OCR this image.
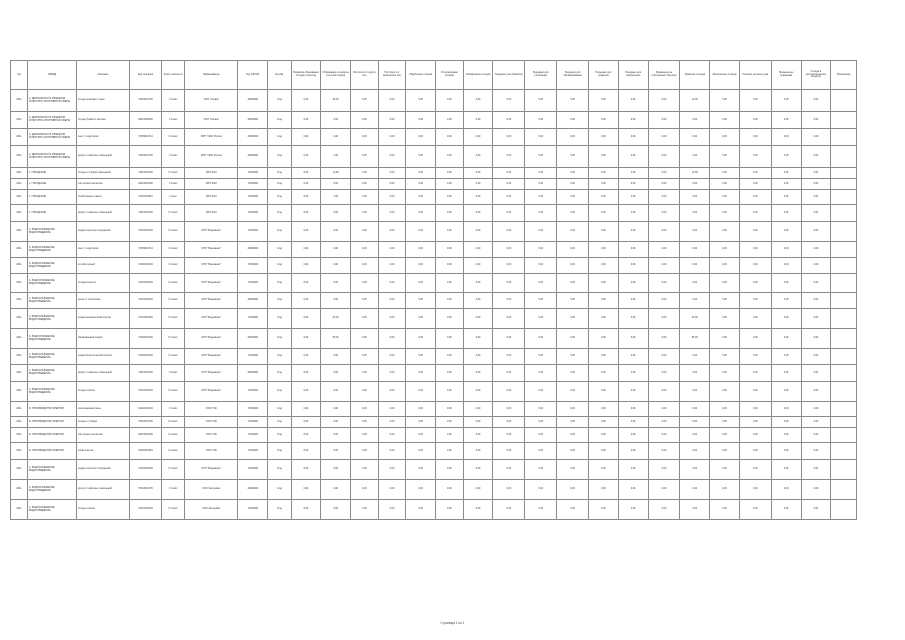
Год	ОКВЭД	Описание	Код описания	Класс опасности	Наименование	Код ОКТМО	Ед.изм	Норматив образования отходов (тонн/год)	Образовано отходов за отчетный период	Поступило от других лиц	Поступило от физических лиц	Обработано отходов	Утилизировано отходов	Обезврежено отходов	Передано для обработки	Передано для утилизации	Передано для обезвреживания	Передано для хранения	Передано для захоронения	Размещено на собственных объектах	Хранение отходов	Захоронение отходов	Наличие на конец года	Превышение норматива	Отходы в эксплуатационных объектах	Примечание
2011	А. ДЕЯТЕЛЬНОСТЬ ОБЪЕКТОВ КУЛЬТУРНО-СПОРТИВНОЙ СФЕРЫ	отходы упаковки и тары	73310001725	V класс	ООО "Альфа"	46000000	т/год	0,00	36,00	0,00	0,00	0,00	0,00	0,00	0,00	0,00	0,00	5,00	0,00	0,00	12,00	0,00	0,00	0,00	0,00	
2011	А. ДЕЯТЕЛЬНОСТЬ ОБЪЕКТОВ КУЛЬТУРНО-СПОРТИВНОЙ СФЕРЫ	отходы бумаги и картона	40512000000	V класс	ООО "Альфа"	46000000	т/год	0,00	4,00	0,00	0,00	0,00	0,00	0,00	0,00	0,00	0,00	5,00	0,00	0,00	0,00	0,00	0,00	0,00	0,00	
2011	А. ДЕЯТЕЛЬНОСТЬ ОБЪЕКТОВ КУЛЬТУРНО-СПОРТИВНОЙ СФЕРЫ	смет с территории	73339001714	IV класс	МУП "ОКЕ" Россия	45000000	т/год	0,00	0,00	0,00	0,00	0,00	0,00	0,00	0,00	0,00	0,00	0,00	0,00	0,00	0,00	0,00	0,00	0,00	0,00	
2011	А. ДЕЯТЕЛЬНОСТЬ ОБЪЕКТОВ КУЛЬТУРНО-СПОРТИВНОЙ СФЕРЫ	мусор от офисных помещений	73310001725	V класс	МУП "ОКЕ" Россия	45000000	т/год	0,00	1,00	0,00	0,00	0,00	0,00	0,00	0,00	0,00	0,00	0,00	0,00	0,00	4,00	0,00	0,00	0,00	0,00	
2011	1. ГОРОДСКИЕ	отходы от уборки помещений	73310001725	IV класс	МУП ЖКХ	71000000	т/год	0,00	12,50	0,00	0,00	0,00	0,00	0,00	0,00	0,00	0,00	0,00	0,00	0,00	12,50	0,00	0,00	0,00	0,00	
2011	1. ГОРОДСКИЕ	лом черных металлов	46101001205	V класс	МУП ЖКХ	71000000	т/год	0,00	0,00	0,00	0,00	0,00	0,00	0,00	0,00	0,00	0,00	0,00	0,00	0,00	0,00	0,00	0,00	0,00	0,00	
2011	1. ГОРОДСКИЕ	отработанные лампы	47110101521	I класс	МУП ЖКХ	71000000	т/год	0,00	1,00	0,00	0,00	0,00	0,00	0,00	0,00	0,00	0,00	0,00	0,00	0,00	0,00	0,00	0,00	0,00	0,00	
2011	1. ГОРОДСКИЕ	мусор от офисных помещений	73310001725	IV класс	МУП ЖКХ	71000000	т/год	0,00	0,00	0,00	0,00	0,00	0,00	0,00	0,00	0,00	0,00	0,00	0,00	0,00	0,00	0,00	0,00	0,00	0,00	
2011	С. ВОДОСНАБЖЕНИЕ; ВОДООТВЕДЕНИЕ	осадки очистных сооружений	72220001394	IV класс	МУП "Водоканал"	71000000	т/год	0,00	0,00	0,00	0,00	0,00	0,00	0,00	0,00	0,00	0,00	0,00	0,00	0,00	0,00	0,00	0,00	0,00	0,00	
2011	С. ВОДОСНАБЖЕНИЕ; ВОДООТВЕДЕНИЕ	смет с территории	73339001714	IV класс	МУП "Водоканал"	46000000	т/год	0,00	0,00	0,00	0,00	0,00	0,00	0,00	0,00	0,00	0,00	0,00	0,00	0,00	0,00	0,00	0,00	0,00	0,00	
2011	С. ВОДОСНАБЖЕНИЕ; ВОДООТВЕДЕНИЕ	ил избыточный	72220001394	IV класс	МУП "Водоканал"	71000000	т/год	0,00	0,00	0,00	0,00	0,00	0,00	0,00	0,00	0,00	0,00	0,00	0,00	0,00	0,00	0,00	0,00	0,00	0,00	
2011	С. ВОДОСНАБЖЕНИЕ; ВОДООТВЕДЕНИЕ	отходы решеток	72210101394	IV класс	МУП "Водоканал"	71000000	т/год	0,00	0,00	0,00	0,00	0,00	0,00	0,00	0,00	0,00	0,00	0,00	0,00	0,00	0,00	0,00	0,00	0,00	0,00	
2011	С. ВОДОСНАБЖЕНИЕ; ВОДООТВЕДЕНИЕ	песок от песколовок	72210201394	IV класс	МУП "Водоканал"	46000000	т/год	0,00	0,00	0,00	0,00	0,00	0,00	0,00	0,00	0,00	0,00	0,00	0,00	0,00	0,00	0,00	0,00	0,00	0,00	
2011	С. ВОДОСНАБЖЕНИЕ; ВОДООТВЕДЕНИЕ	осадок механической очистки	72210901394	IV класс	МУП "Водоканал"	71000000	т/год	0,00	63,00	0,00	0,00	0,00	0,00	0,00	0,00	0,00	0,00	0,00	0,00	0,00	63,00	0,00	0,00	0,00	0,00	
2011	С. ВОДОСНАБЖЕНИЕ; ВОДООТВЕДЕНИЕ	обезвоженный осадок	72220001394	IV класс	МУП "Водоканал"	46000000	т/год	0,00	55,00	0,00	0,00	0,00	0,00	0,00	0,00	0,00	0,00	0,00	0,00	0,00	55,00	0,00	0,00	0,00	0,00	
2011	С. ВОДОСНАБЖЕНИЕ; ВОДООТВЕДЕНИЕ	осадок биологической очистки	72220001394	IV класс	МУП "Водоканал"	71000000	т/год	0,00	0,00	0,00	0,00	0,00	0,00	0,00	0,00	0,00	0,00	0,00	0,00	0,00	0,00	0,00	0,00	0,00	0,00	
2011	С. ВОДОСНАБЖЕНИЕ; ВОДООТВЕДЕНИЕ	мусор от офисных помещений	73310001725	V класс	МУП "Водоканал"	46000000	т/год	0,00	0,00	0,00	0,00	0,00	0,00	0,00	0,00	0,00	0,00	0,00	0,00	0,00	0,00	0,00	0,00	0,00	0,00	
2011	С. ВОДОСНАБЖЕНИЕ; ВОДООТВЕДЕНИЕ	отходы очистки	72210101394	IV класс	МУП "Водоканал"	71000000	т/год	0,00	0,00	0,00	0,00	0,00	0,00	0,00	0,00	0,00	0,00	0,00	0,00	0,00	0,00	0,00	0,00	0,00	0,00	
2011	D. ПРОИЗВОДСТВО ЭНЕРГИИ	золошлаковая смесь	61140001204	V класс	ООО ТЭК	71000000	т/год	0,00	0,00	0,00	0,00	0,00	0,00	0,00	0,00	0,00	0,00	0,00	0,00	0,00	0,00	0,00	0,00	0,00	0,00	
2011	D. ПРОИЗВОДСТВО ЭНЕРГИИ	отходы от уборки	73310001725	IV класс	ООО ТЭК	71000000	т/год	0,00	0,00	0,00	0,00	0,00	0,00	0,00	0,00	0,00	0,00	0,00	0,00	0,00	0,00	0,00	0,00	0,00	0,00	
2011	D. ПРОИЗВОДСТВО ЭНЕРГИИ	лом черных металлов	46101001205	IV класс	ООО ТЭК	71000000	т/год	0,00	0,00	0,00	0,00	0,00	0,00	0,00	0,00	0,00	0,00	0,00	0,00	0,00	0,00	0,00	0,00	0,00	0,00	
2011	D. ПРОИЗВОДСТВО ЭНЕРГИИ	шлам очистки	61120001394	IV класс	ООО ТЭК	71000000	т/год	0,00	0,00	0,00	0,00	0,00	0,00	0,00	0,00	0,00	0,00	0,00	0,00	0,00	0,00	0,00	0,00	0,00	0,00	
2011	С. ВОДОСНАБЖЕНИЕ; ВОДООТВЕДЕНИЕ	осадки очистных сооружений	72220001394	IV класс	МУП "Водоканал"	71000000	т/год	0,00	0,00	0,00	0,00	0,00	0,00	0,00	0,00	0,00	0,00	0,00	0,00	0,00	0,00	0,00	0,00	0,00	0,00	
2011	С. ВОДОСНАБЖЕНИЕ; ВОДООТВЕДЕНИЕ	мусор от офисных помещений	73310001725	V класс	ООО Экосервис	46000000	т/год	0,00	0,00	0,00	0,00	0,00	0,00	0,00	0,00	0,00	0,00	0,00	0,00	0,00	0,00	0,00	0,00	0,00	0,00	
2011	С. ВОДОСНАБЖЕНИЕ; ВОДООТВЕДЕНИЕ	отходы очистки	72210101394	IV класс	ООО Экосервис	71000000	т/год	0,00	0,00	0,00	0,00	0,00	0,00	0,00	0,00	0,00	0,00	0,00	0,00	0,00	0,00	0,00	0,00	0,00	0,00	
Страница 1 из 1
